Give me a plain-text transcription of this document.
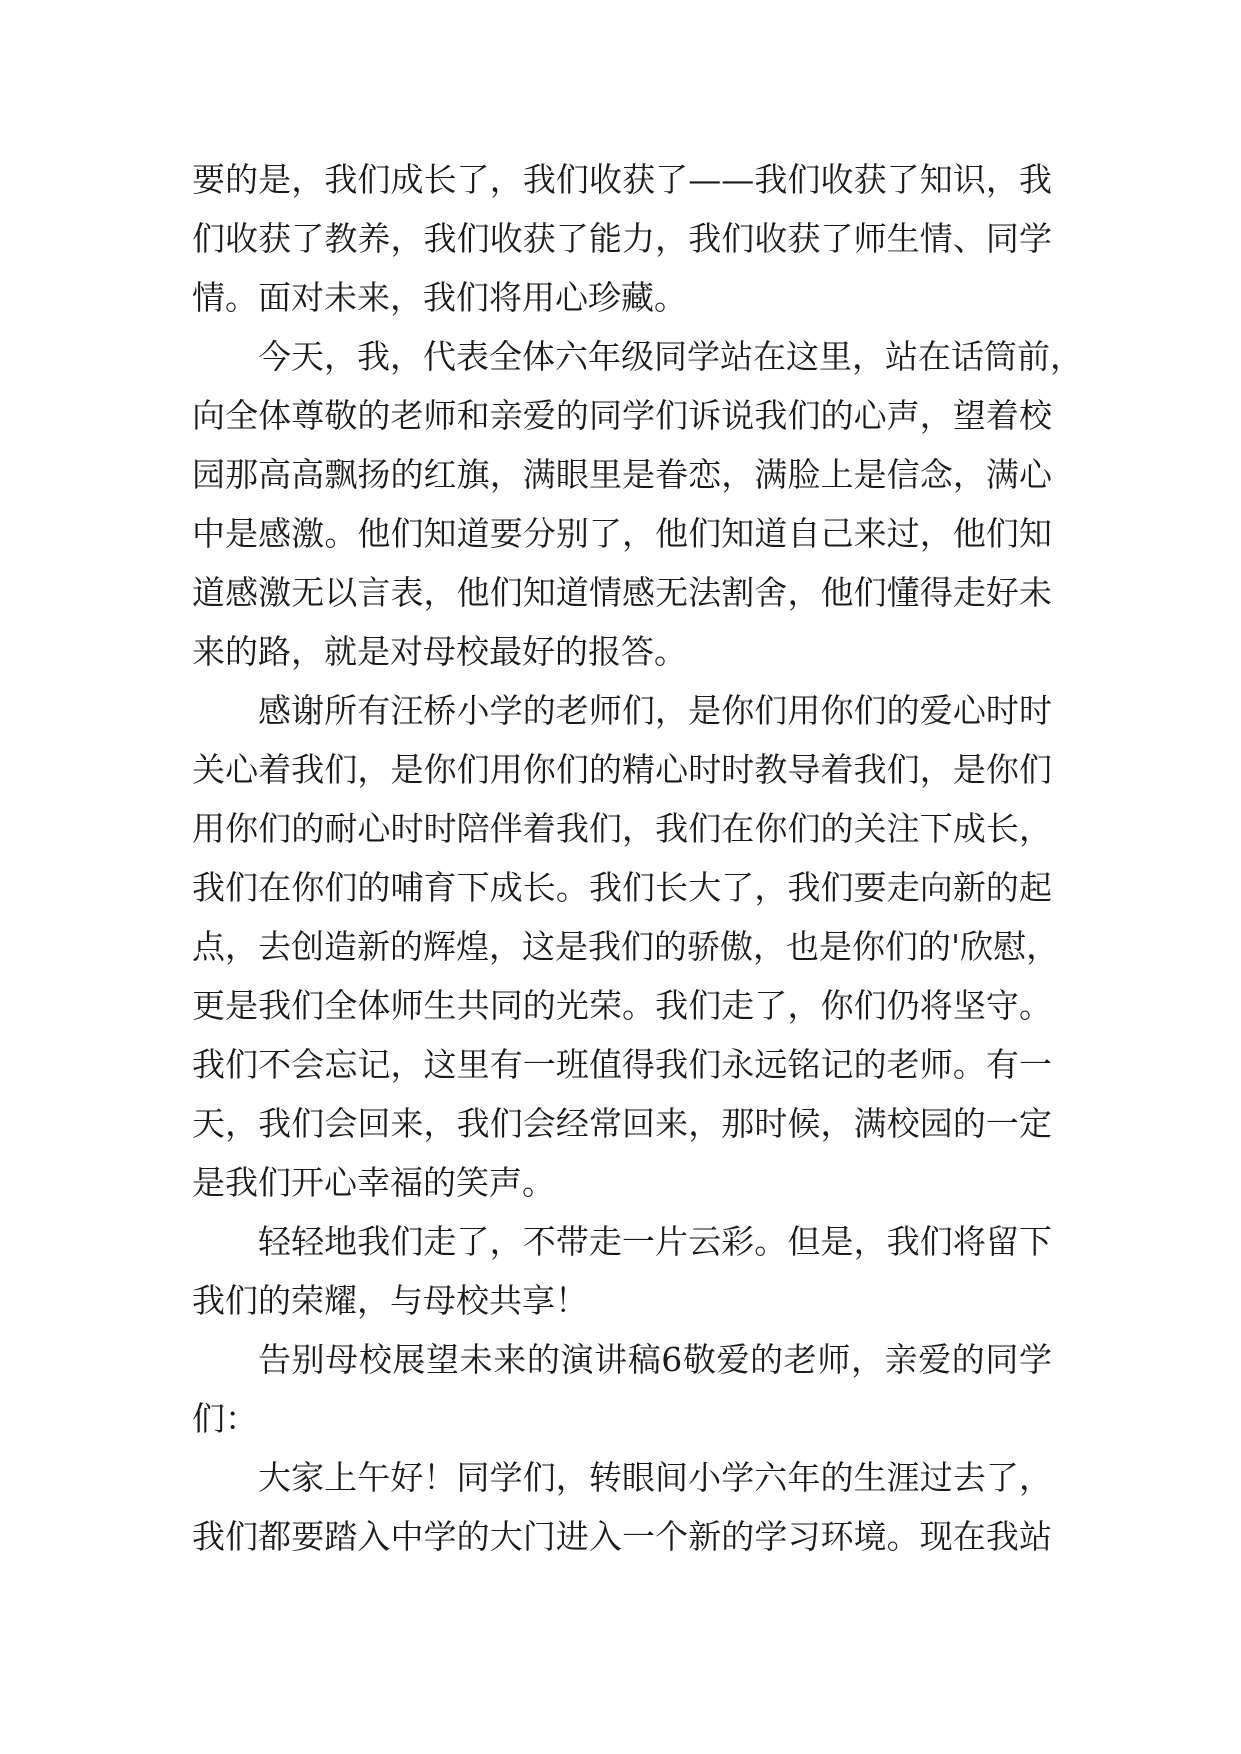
要的是，我们成长了，我们收获了——我们收获了知识，我
们收获了教养，我们收获了能力，我们收获了师生情、同学
情。面对未来，我们将用心珍藏。
今天，我，代表全体六年级同学站在这里，站在话筒前，
向全体尊敬的老师和亲爱的同学们诉说我们的心声，望着校
园那高高飘扬的红旗，满眼里是眷恋，满脸上是信念，满心
中是感激。他们知道要分别了，他们知道自己来过，他们知
道感激无以言表，他们知道情感无法割舍，他们懂得走好未
来的路，就是对母校最好的报答。
感谢所有汪桥小学的老师们，是你们用你们的爱心时时
关心着我们，是你们用你们的精心时时教导着我们，是你们
用你们的耐心时时陪伴着我们，我们在你们的关注下成长，
我们在你们的哺育下成长。我们长大了，我们要走向新的起
点，去创造新的辉煌，这是我们的骄傲，也是你们的'欣慰，
更是我们全体师生共同的光荣。我们走了，你们仍将坚守。
我们不会忘记，这里有一班值得我们永远铭记的老师。有一
天，我们会回来，我们会经常回来，那时候，满校园的一定
是我们开心幸福的笑声。
轻轻地我们走了，不带走一片云彩。但是，我们将留下
我们的荣耀，与母校共享！
告别母校展望未来的演讲稿6敬爱的老师，亲爱的同学
们：
大家上午好！同学们，转眼间小学六年的生涯过去了，
我们都要踏入中学的大门进入一个新的学习环境。现在我站
